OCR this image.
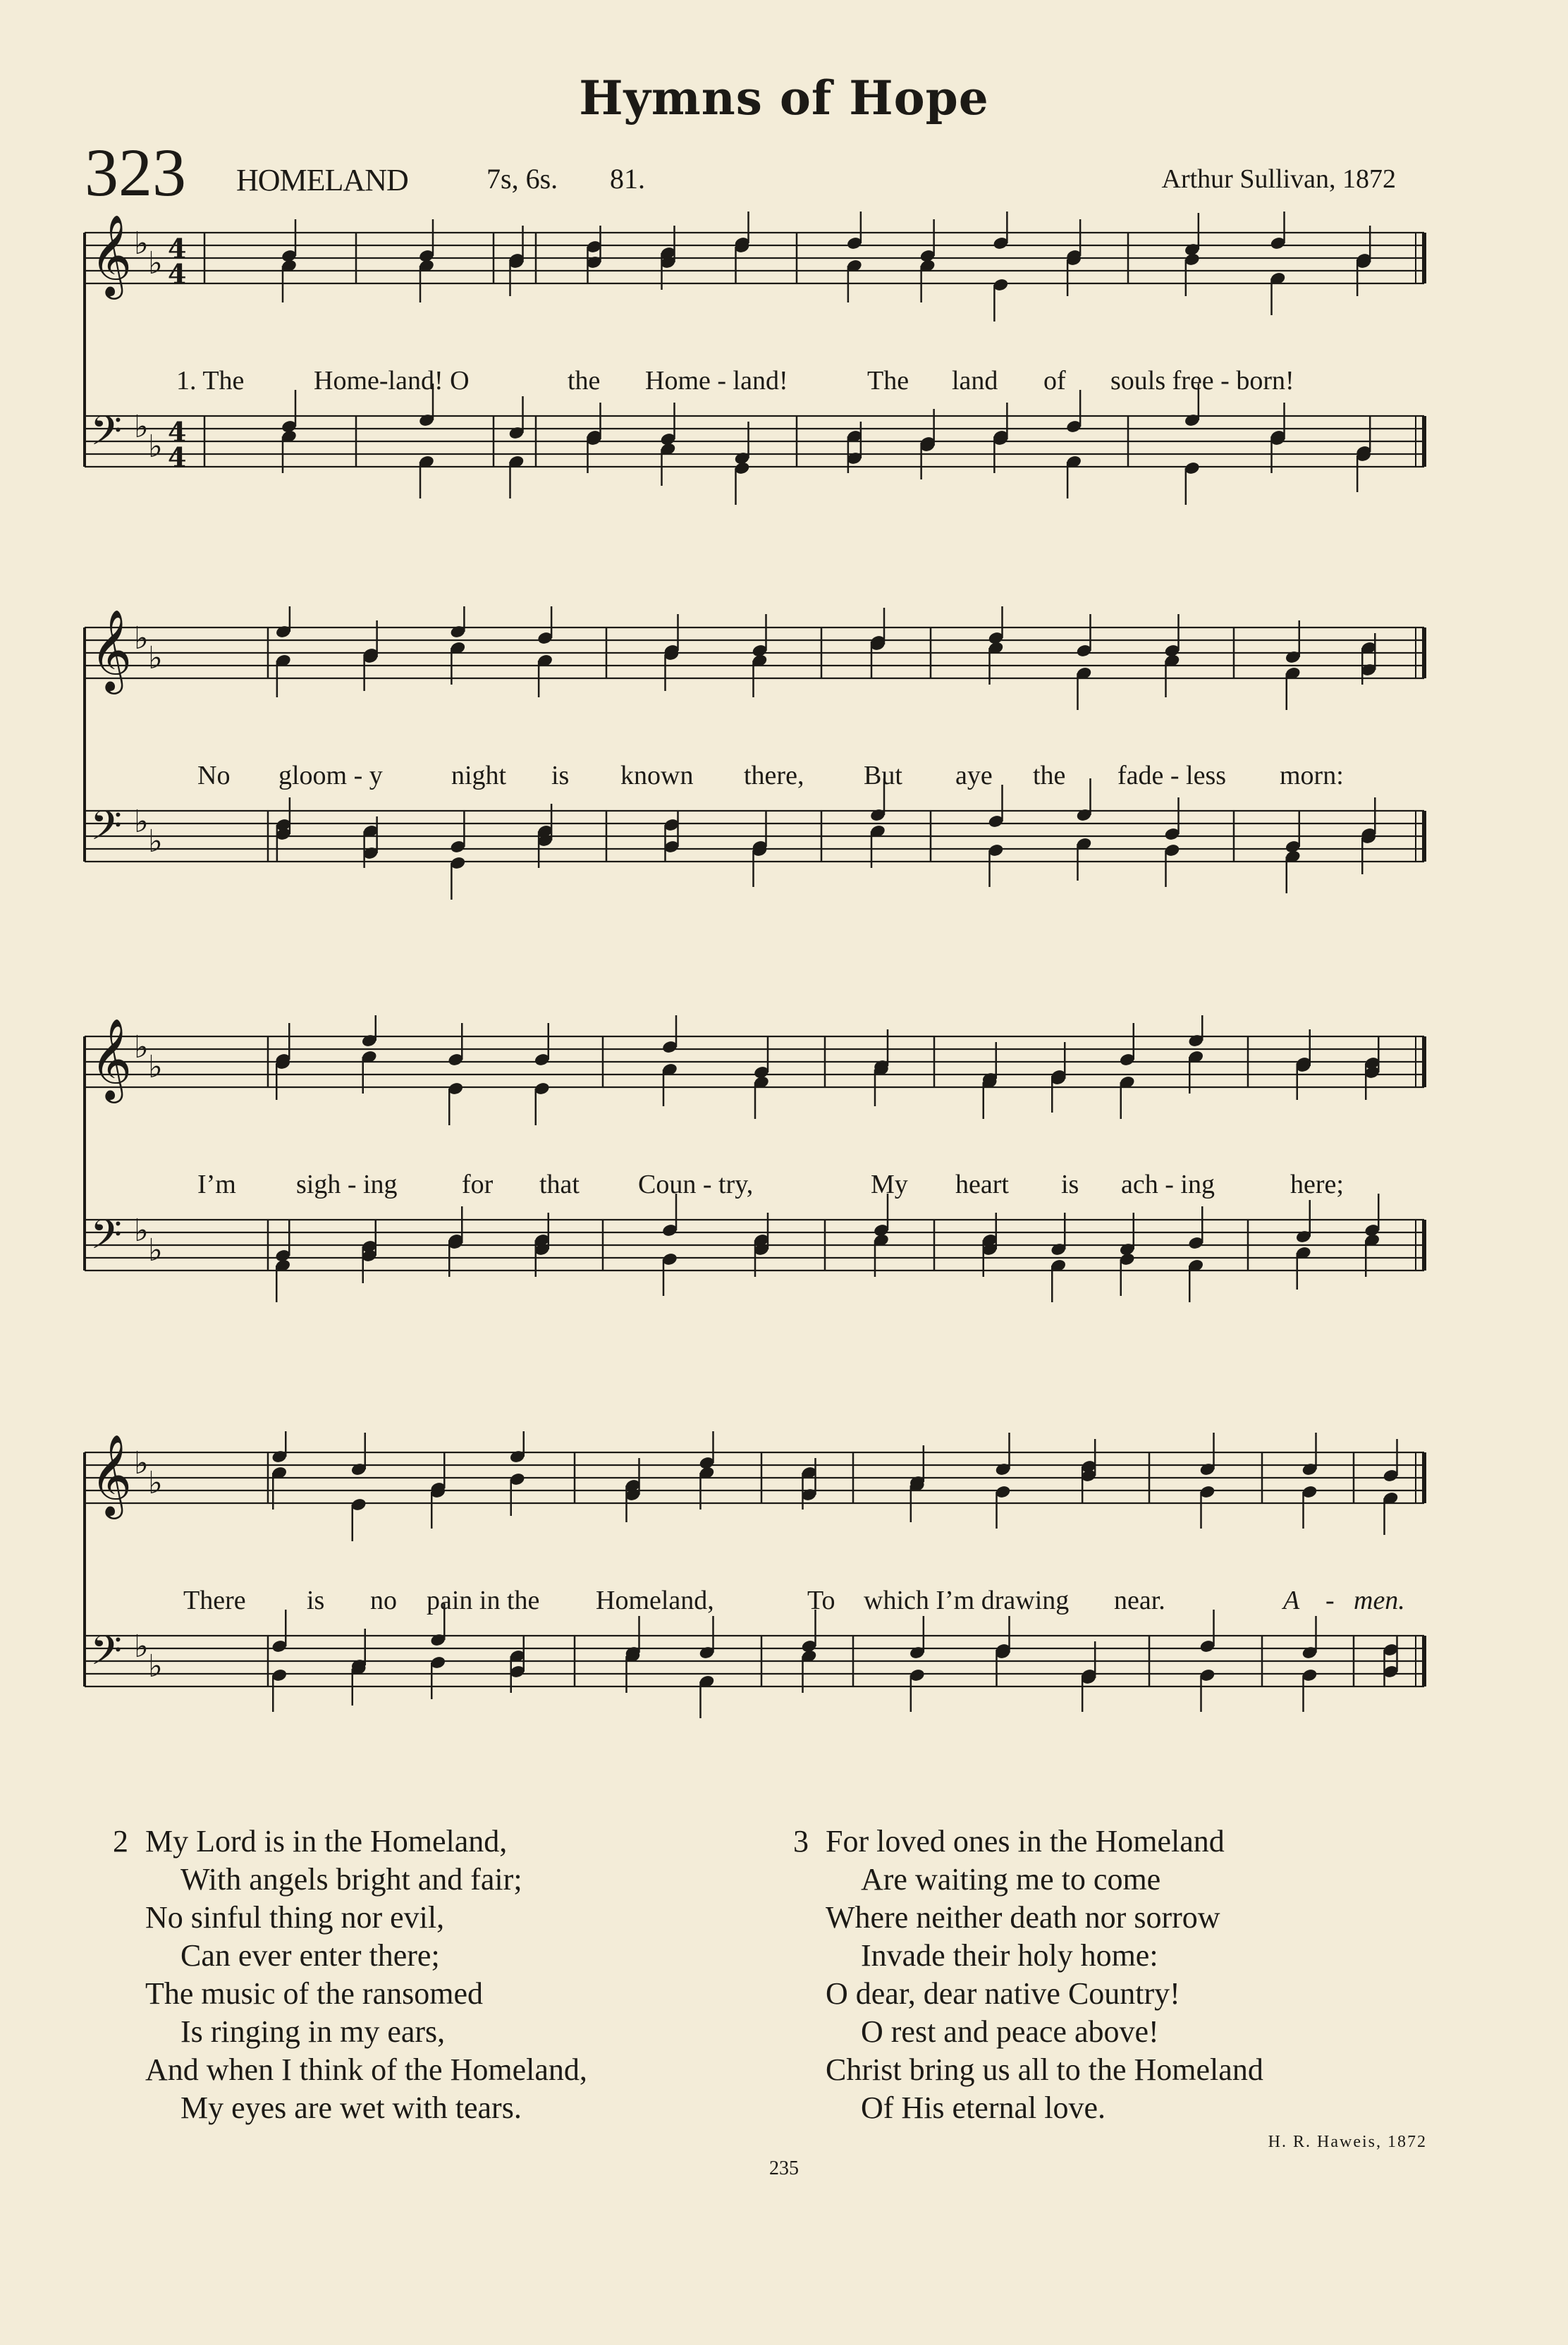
Hymns of Hope
323 HOMELAND	7s, 6s. 81.	Arthur Sullivan, 1872
𝄞 ♭
♭ 4
4
𝄢 ♭
♭ 4
4
1. The	Home-land! O	the Home - land!	The land of souls free - born!
𝄞 ♭
♭
𝄢 ♭
♭
No gloom - y	night is known there, But aye the fade - less morn:
𝄞 ♭
♭
𝄢 ♭
♭
I’m sigh - ing for that Coun - try,	My heart is ach - ing	here;
𝄞 ♭
♭
𝄢 ♭
♭
There is no pain in the Homeland,	To which I’m drawing near.	A - men.
2 My Lord is in the Homeland,
With angels bright and fair;
No sinful thing nor evil,
Can ever enter there;
The music of the ransomed
Is ringing in my ears,
And when I think of the Homeland,
My eyes are wet with tears.
3 For loved ones in the Homeland
Are waiting me to come
Where neither death nor sorrow
Invade their holy home:
O dear, dear native Country!
O rest and peace above!
Christ bring us all to the Homeland
Of His eternal love.
H. R. Haweis, 1872
235
